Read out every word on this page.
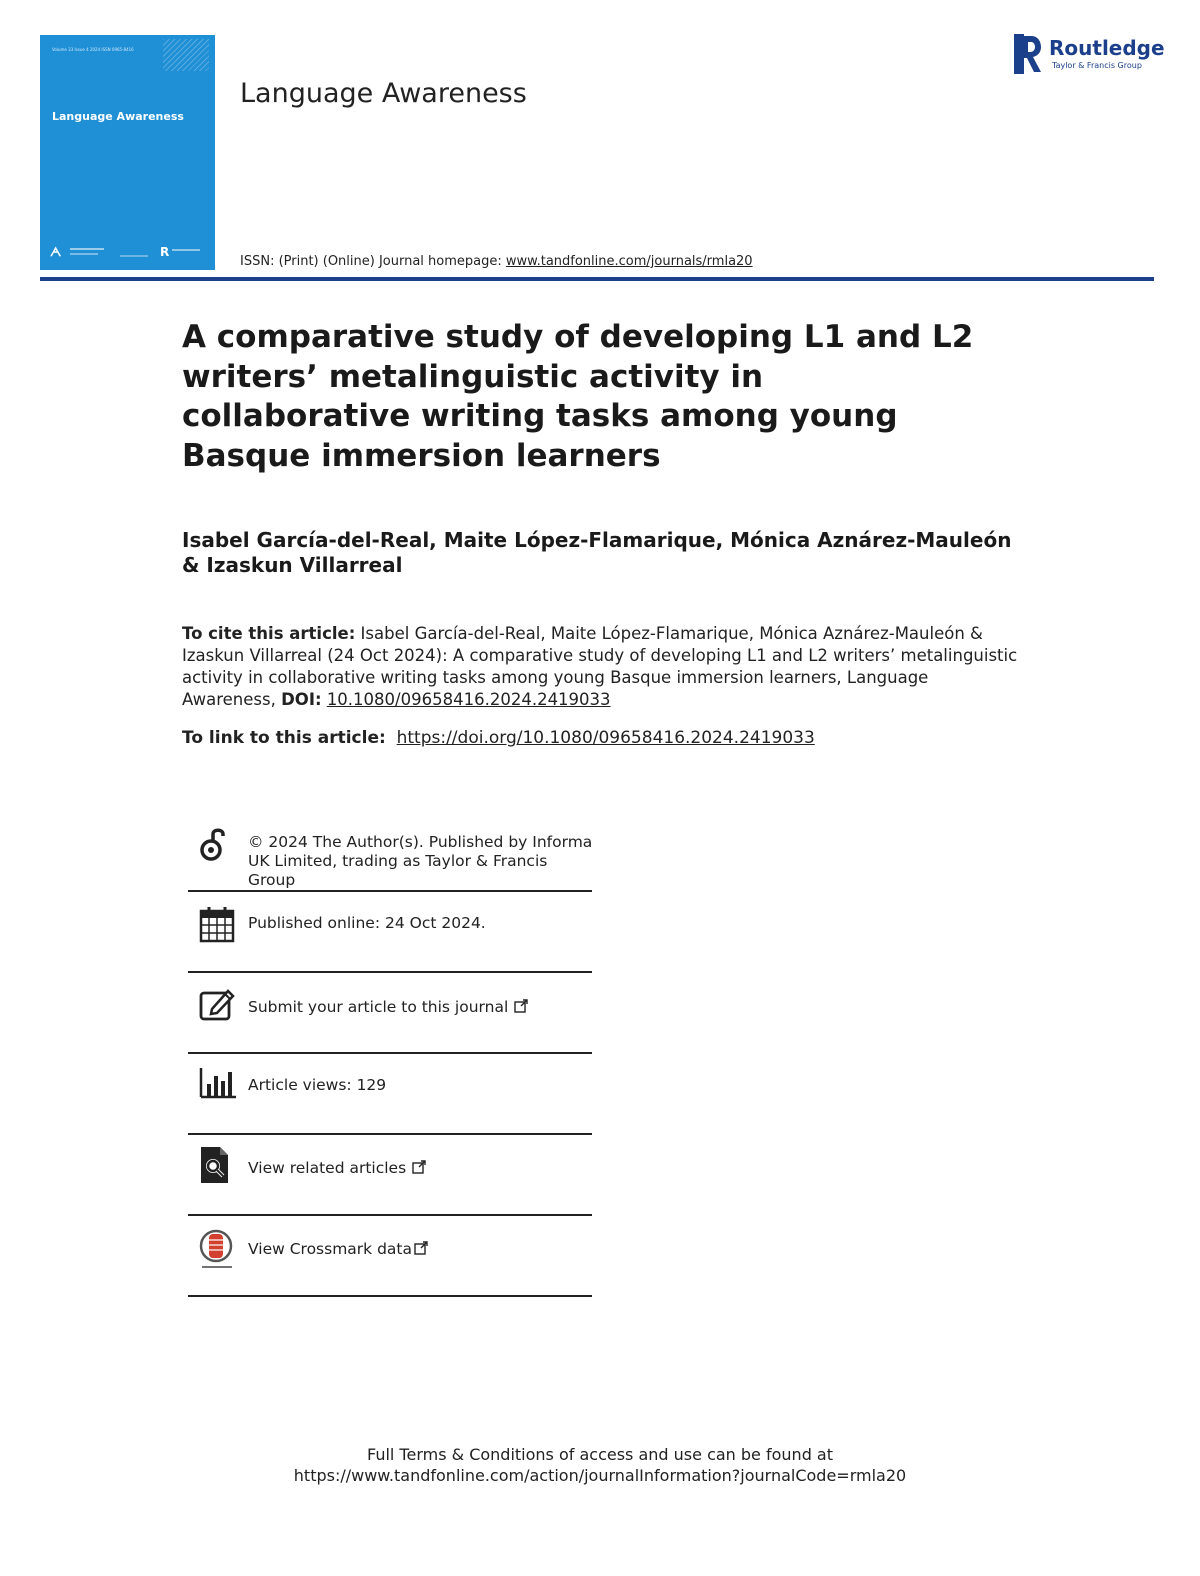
Volume 33 Issue 4 2024 ISSN 0965-8416
Language Awareness
ᗅ	R
Language Awareness
Routledge
Taylor & Francis Group
ISSN: (Print) (Online) Journal homepage: www.tandfonline.com/journals/rmla20
A comparative study of developing L1 and L2 writers’ metalinguistic activity in collaborative writing tasks among young Basque immersion learners
Isabel García-del-Real, Maite López-Flamarique, Mónica Aznárez-Mauleón & Izaskun Villarreal
To cite this article: Isabel García-del-Real, Maite López-Flamarique, Mónica Aznárez-Mauleón & Izaskun Villarreal (24 Oct 2024): A comparative study of developing L1 and L2 writers’ metalinguistic activity in collaborative writing tasks among young Basque immersion learners, Language Awareness, DOI: 10.1080/09658416.2024.2419033
To link to this article: https://doi.org/10.1080/09658416.2024.2419033
© 2024 The Author(s). Published by Informa UK Limited, trading as Taylor & Francis Group
Published online: 24 Oct 2024.
Submit your article to this journal
Article views: 129
View related articles
View Crossmark data
Full Terms & Conditions of access and use can be found at
https://www.tandfonline.com/action/journalInformation?journalCode=rmla20
